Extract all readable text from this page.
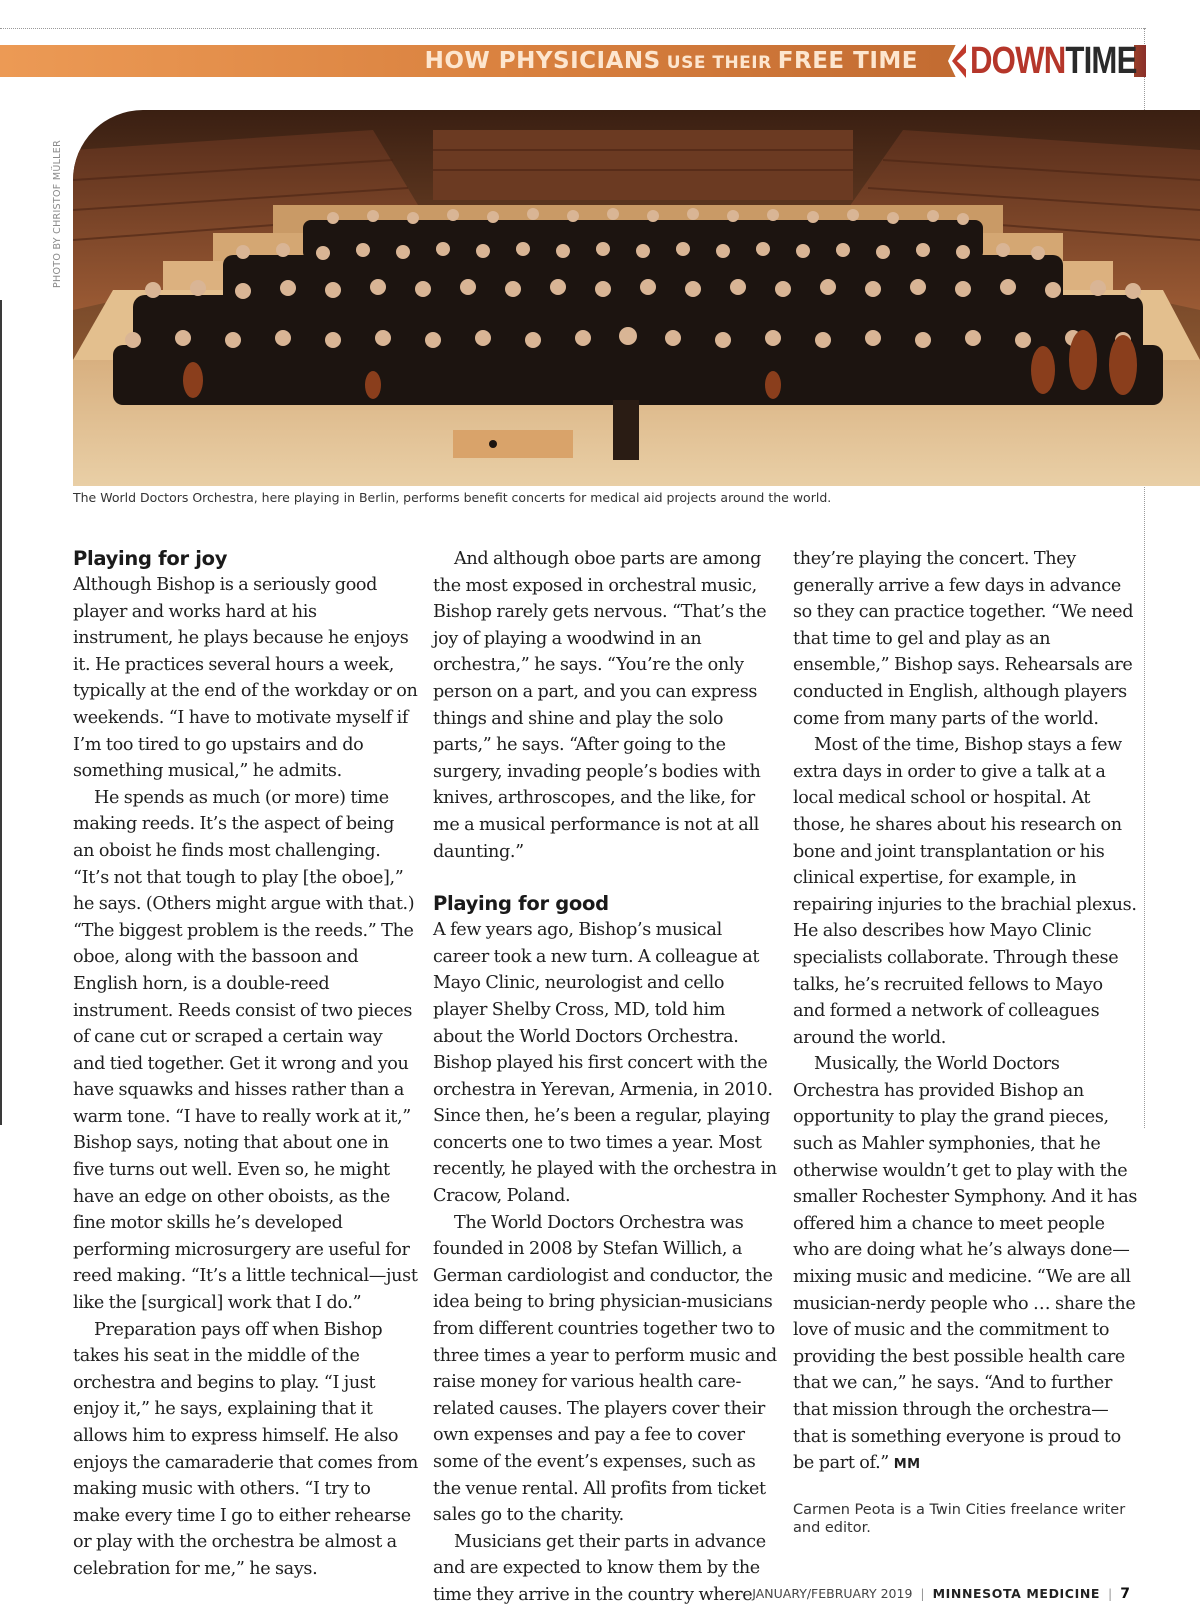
HOW PHYSICIANS USE THEIR FREE TIME DOWNTIME
PHOTO BY CHRISTOF MÜLLER
The World Doctors Orchestra, here playing in Berlin, performs benefit concerts for medical aid projects around the world.
Playing for joy

Although Bishop is a seriously good player and works hard at his instrument, he plays because he enjoys it. He practices several hours a week, typically at the end of the workday or on weekends. “I have to motivate myself if I’m too tired to go upstairs and do something musical,” he admits.

He spends as much (or more) time making reeds. It’s the aspect of being an oboist he finds most challenging. “It’s not that tough to play [the oboe],” he says. (Others might argue with that.) “The biggest problem is the reeds.” The oboe, along with the bassoon and English horn, is a double-reed instrument. Reeds consist of two pieces of cane cut or scraped a certain way and tied together. Get it wrong and you have squawks and hisses rather than a warm tone. “I have to really work at it,” Bishop says, noting that about one in five turns out well. Even so, he might have an edge on other oboists, as the fine motor skills he’s developed performing microsurgery are useful for reed making. “It’s a little technical—just like the [surgical] work that I do.”

Preparation pays off when Bishop takes his seat in the middle of the orchestra and begins to play. “I just enjoy it,” he says, explaining that it allows him to express himself. He also enjoys the camaraderie that comes from making music with others. “I try to make every time I go to either rehearse or play with the orchestra be almost a celebration for me,” he says.

And although oboe parts are among the most exposed in orchestral music, Bishop rarely gets nervous. “That’s the joy of playing a woodwind in an orchestra,” he says. “You’re the only person on a part, and you can express things and shine and play the solo parts,” he says. “After going to the surgery, invading people’s bodies with knives, arthroscopes, and the like, for me a musical performance is not at all daunting.”

Playing for good

A few years ago, Bishop’s musical career took a new turn. A colleague at Mayo Clinic, neurologist and cello player Shelby Cross, MD, told him about the World Doctors Orchestra. Bishop played his first concert with the orchestra in Yerevan, Armenia, in 2010. Since then, he’s been a regular, playing concerts one to two times a year. Most recently, he played with the orchestra in Cracow, Poland.

The World Doctors Orchestra was founded in 2008 by Stefan Willich, a German cardiologist and conductor, the idea being to bring physician-musicians from different countries together two to three times a year to perform music and raise money for various health care-related causes. The players cover their own expenses and pay a fee to cover some of the event’s expenses, such as the venue rental. All profits from ticket sales go to the charity.

Musicians get their parts in advance and are expected to know them by the time they arrive in the country where

they’re playing the concert. They generally arrive a few days in advance so they can practice together. “We need that time to gel and play as an ensemble,” Bishop says. Rehearsals are conducted in English, although players come from many parts of the world.

Most of the time, Bishop stays a few extra days in order to give a talk at a local medical school or hospital. At those, he shares about his research on bone and joint transplantation or his clinical expertise, for example, in repairing injuries to the brachial plexus. He also describes how Mayo Clinic specialists collaborate. Through these talks, he’s recruited fellows to Mayo and formed a network of colleagues around the world.

Musically, the World Doctors Orchestra has provided Bishop an opportunity to play the grand pieces, such as Mahler symphonies, that he otherwise wouldn’t get to play with the smaller Rochester Symphony. And it has offered him a chance to meet people who are doing what he’s always done—mixing music and medicine. “We are all musician-nerdy people who … share the love of music and the commitment to providing the best possible health care that we can,” he says. “And to further that mission through the orchestra—that is something everyone is proud to be part of.” MM

Carmen Peota is a Twin Cities freelance writer and editor.
JANUARY/FEBRUARY 2019 | MINNESOTA MEDICINE | 7
